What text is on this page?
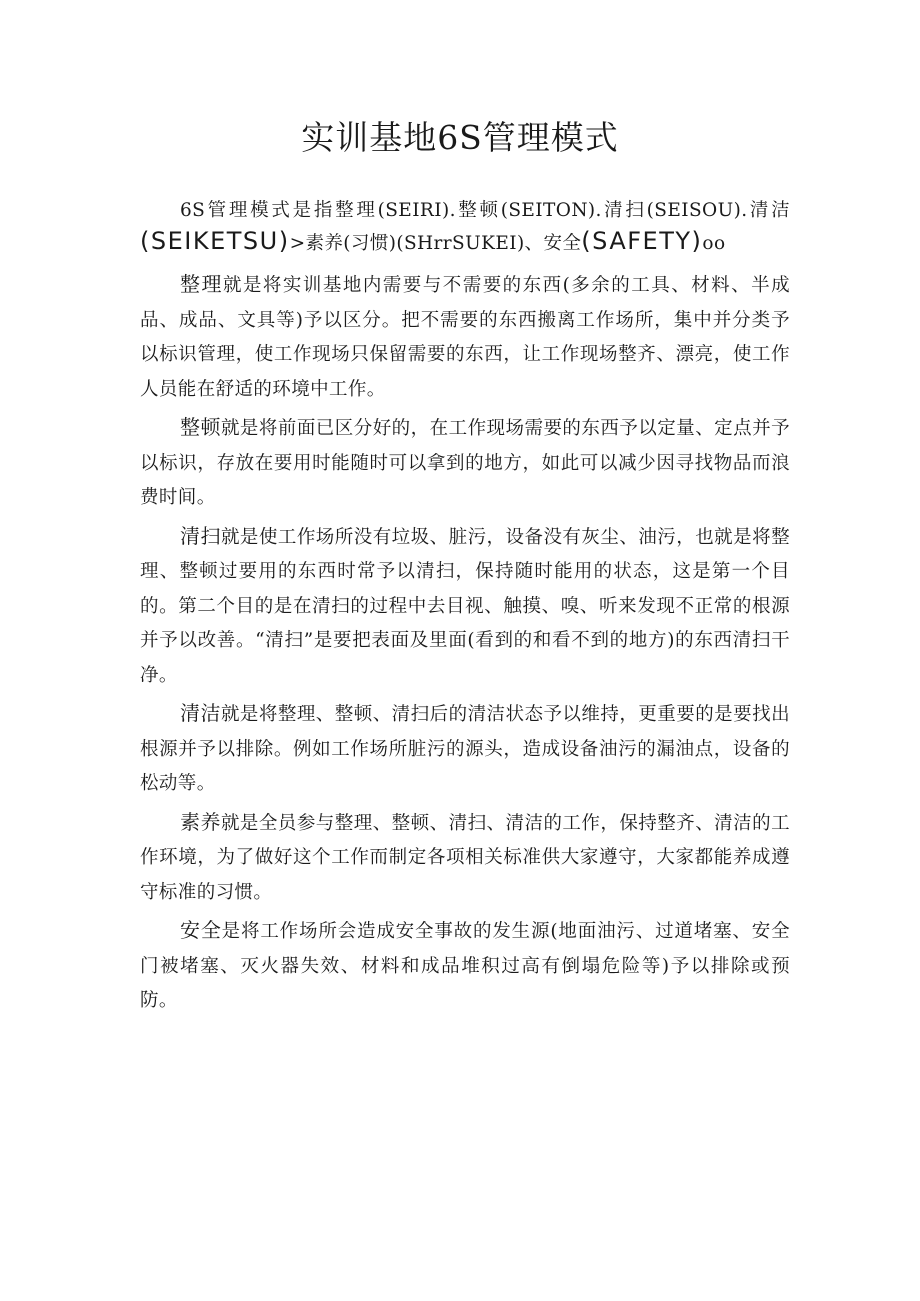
实训基地6S管理模式

6S管理模式是指整理(SEIRI).整顿(SEITON).清扫(SEISOU).清洁(SEIKETSU)>素养(习惯)(SHrrSUKEI)、安全(SAFETY)oo

整理就是将实训基地内需要与不需要的东西(多余的工具、材料、半成品、成品、文具等)予以区分。把不需要的东西搬离工作场所，集中并分类予以标识管理，使工作现场只保留需要的东西，让工作现场整齐、漂亮，使工作人员能在舒适的环境中工作。

整顿就是将前面已区分好的，在工作现场需要的东西予以定量、定点并予以标识，存放在要用时能随时可以拿到的地方，如此可以减少因寻找物品而浪费时间。

清扫就是使工作场所没有垃圾、脏污，设备没有灰尘、油污，也就是将整理、整顿过要用的东西时常予以清扫，保持随时能用的状态，这是第一个目的。第二个目的是在清扫的过程中去目视、触摸、嗅、听来发现不正常的根源并予以改善。“清扫”是要把表面及里面(看到的和看不到的地方)的东西清扫干净。

清洁就是将整理、整顿、清扫后的清洁状态予以维持，更重要的是要找出根源并予以排除。例如工作场所脏污的源头，造成设备油污的漏油点，设备的松动等。

素养就是全员参与整理、整顿、清扫、清洁的工作，保持整齐、清洁的工作环境，为了做好这个工作而制定各项相关标准供大家遵守，大家都能养成遵守标准的习惯。

安全是将工作场所会造成安全事故的发生源(地面油污、过道堵塞、安全门被堵塞、灭火器失效、材料和成品堆积过高有倒塌危险等)予以排除或预防。
